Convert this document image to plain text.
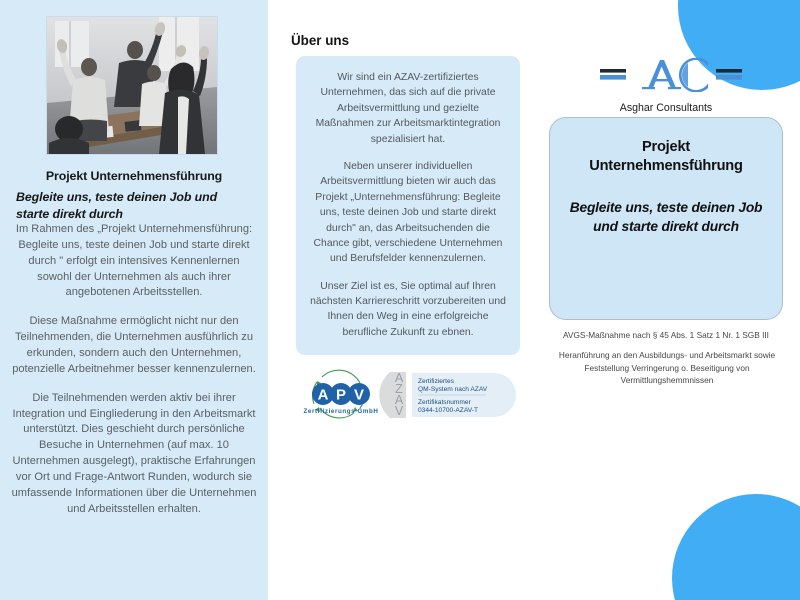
Projekt Unternehmensführung
Begleite uns, teste deinen Job und starte direkt durch

Im Rahmen des „Projekt Unternehmensführung: Begleite uns, teste deinen Job und starte direkt durch " erfolgt ein intensives Kennenlernen sowohl der Unternehmen als auch ihrer angebotenen Arbeitsstellen.

Diese Maßnahme ermöglicht nicht nur den Teilnehmenden, die Unternehmen ausführlich zu erkunden, sondern auch den Unternehmen, potenzielle Arbeitnehmer besser kennenzulernen.

Die Teilnehmenden werden aktiv bei ihrer Integration und Eingliederung in den Arbeitsmarkt unterstützt. Dies geschieht durch persönliche Besuche in Unternehmen (auf max. 10 Unternehmen ausgelegt), praktische Erfahrungen vor Ort und Frage-Antwort Runden, wodurch sie umfassende Informationen über die Unternehmen und Arbeitsstellen erhalten.

Über uns

Wir sind ein AZAV-zertifiziertes Unternehmen, das sich auf die private Arbeitsvermittlung und gezielte Maßnahmen zur Arbeitsmarktintegration spezialisiert hat.

Neben unserer individuellen Arbeitsvermittlung bieten wir auch das Projekt „Unternehmensführung: Begleite uns, teste deinen Job und starte direkt durch" an, das Arbeitsuchenden die Chance gibt, verschiedene Unternehmen und Berufsfelder kennenzulernen.

Unser Ziel ist es, Sie optimal auf Ihren nächsten Karriereschritt vorzubereiten und Ihnen den Weg in eine erfolgreiche berufliche Zukunft zu ebnen.

A P V
Zertifizierungs GmbH
A
Z
A
V
Zertifiziertes
QM-System nach AZAV
Zertifikatsnummer
0344-10700-AZAV-T
Asghar Consultants
Projekt Unternehmensführung
Begleite uns, teste deinen Job und starte direkt durch
AVGS-Maßnahme nach § 45 Abs. 1 Satz 1 Nr. 1 SGB III
Heranführung an den Ausbildungs- und Arbeitsmarkt sowie Feststellung Verringerung o. Beseitigung von Vermittlungshemmnissen
